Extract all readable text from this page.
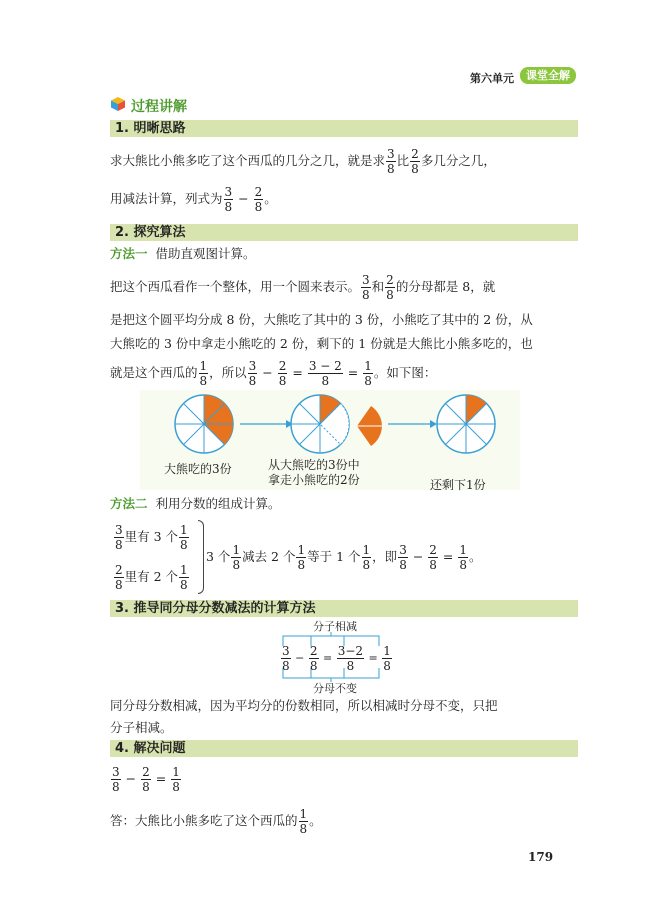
第六单元	课堂全解
过程讲解
1. 明晰思路
求大熊比小熊多吃了这个西瓜的几分之几，就是求 $\frac{3}{8}$ 比 $\frac{2}{8}$ 多几分之几，
用减法计算，列式为 $\frac{3}{8} - \frac{2}{8}$ 。
2. 探究算法
方法一 借助直观图计算。
把这个西瓜看作一个整体，用一个圆来表示。 $\frac{3}{8}$ 和 $\frac{2}{8}$ 的分母都是 8，就
是把这个圆平均分成 8 份，大熊吃了其中的 3 份，小熊吃了其中的 2 份，从
大熊吃的 3 份中拿走小熊吃的 2 份，剩下的 1 份就是大熊比小熊多吃的，也
就是这个西瓜的 $\frac{1}{8}$ ，所以 $\frac{3}{8} - \frac{2}{8} = \frac{3 - 2}{8} = \frac{1}{8}$ 。如下图：
大熊吃的3份	从大熊吃的3份中
拿走小熊吃的2份	还剩下1份
方法二 利用分数的组成计算。
$\frac{3}{8}$ 里有 3 个 $\frac{1}{8}$
$\frac{2}{8}$ 里有 2 个 $\frac{1}{8}$
3 个 $\frac{1}{8}$ 减去 2 个 $\frac{1}{8}$ 等于 1 个 $\frac{1}{8}$ ，即 $\frac{3}{8} - \frac{2}{8} = \frac{1}{8}$ 。
3. 推导同分母分数减法的计算方法
分子相减
$\frac{3}{8} - \frac{2}{8} = \frac{3-2}{8} = \frac{1}{8}$
分母不变
同分母分数相减，因为平均分的份数相同，所以相减时分母不变，只把
分子相减。
4. 解决问题
$\frac{3}{8} - \frac{2}{8} = \frac{1}{8}$
答：大熊比小熊多吃了这个西瓜的 $\frac{1}{8}$ 。
179
